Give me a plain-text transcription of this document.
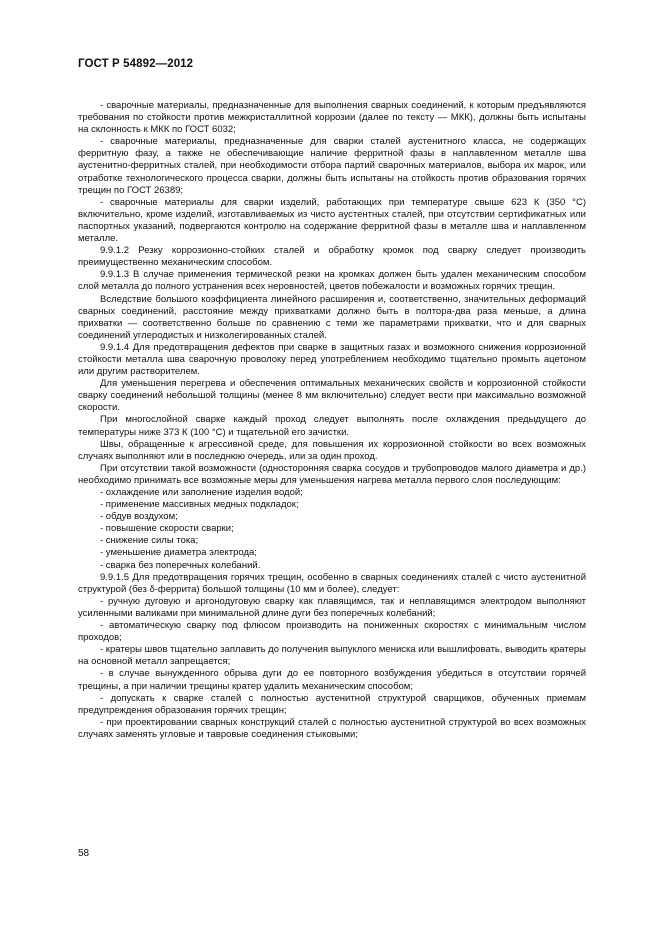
ГОСТ Р 54892—2012

- сварочные материалы, предназначенные для выполнения сварных соединений, к которым предъявляются требования по стойкости против межкристаллитной коррозии (далее по тексту — МКК), должны быть испытаны на склонность к МКК по ГОСТ 6032;

- сварочные материалы, предназначенные для сварки сталей аустенитного класса, не содержащих ферритную фазу, а также не обеспечивающие наличие ферритной фазы в наплавленном металле шва аустенитно-ферритных сталей, при необходимости отбора партий сварочных материалов, выбора их марок, или отработке технологического процесса сварки, должны быть испытаны на стойкость против образования горячих трещин по ГОСТ 26389;

- сварочные материалы для сварки изделий, работающих при температуре свыше 623 К (350 °С) включительно, кроме изделий, изготавливаемых из чисто аустентных сталей, при отсутствии сертификатных или паспортных указаний, подвергаются контролю на содержание ферритной фазы в металле шва и наплавленном металле.

9.9.1.2 Резку коррозионно-стойких сталей и обработку кромок под сварку следует производить преимущественно механическим способом.

9.9.1.3 В случае применения термической резки на кромках должен быть удален механическим способом слой металла до полного устранения всех неровностей, цветов побежалости и возможных горячих трещин.

Вследствие большого коэффициента линейного расширения и, соответственно, значительных деформаций сварных соединений, расстояние между прихватками должно быть в полтора-два раза меньше, а длина прихватки — соответственно больше по сравнению с теми же параметрами прихватки, что и для сварных соединений углеродистых и низколегированных сталей.

9.9.1.4 Для предотвращения дефектов при сварке в защитных газах и возможного снижения коррозионной стойкости металла шва сварочную проволоку перед употреблением необходимо тщательно промыть ацетоном или другим растворителем.

Для уменьшения перегрева и обеспечения оптимальных механических свойств и коррозионной стойкости сварку соединений небольшой толщины (менее 8 мм включительно) следует вести при максимально возможной скорости.

При многослойной сварке каждый проход следует выполнять после охлаждения предыдущего до температуры ниже 373 К (100 °С) и тщательной его зачистки.

Швы, обращенные к агрессивной среде, для повышения их коррозионной стойкости во всех возможных случаях выполняют или в последнюю очередь, или за один проход.

При отсутствии такой возможности (односторонняя сварка сосудов и трубопроводов малого диаметра и др.) необходимо принимать все возможные меры для уменьшения нагрева металла первого слоя последующим:

- охлаждение или заполнение изделия водой;

- применение массивных медных подкладок;

- обдув воздухом;

- повышение скорости сварки;

- снижение силы тока;

- уменьшение диаметра электрода;

- сварка без поперечных колебаний.

9.9.1.5 Для предотвращения горячих трещин, особенно в сварных соединениях сталей с чисто аустенитной структурой (без δ-феррита) большой толщины (10 мм и более), следует:

- ручную дуговую и аргонодуговую сварку как плавящимся, так и неплавящимся электродом выполняют усиленными валиками при минимальной длине дуги без поперечных колебаний;

- автоматическую сварку под флюсом производить на пониженных скоростях с минимальным числом проходов;

- кратеры швов тщательно заплавить до получения выпуклого мениска или вышлифовать, выводить кратеры на основной металл запрещается;

- в случае вынужденного обрыва дуги до ее повторного возбуждения убедиться в отсутствии горячей трещины, а при наличии трещины кратер удалить механическим способом;

- допускать к сварке сталей с полностью аустенитной структурой сварщиков, обученных приемам предупреждения образования горячих трещин;

- при проектировании сварных конструкций сталей с полностью аустенитной структурой во всех возможных случаях заменять угловые и тавровые соединения стыковыми;

58
